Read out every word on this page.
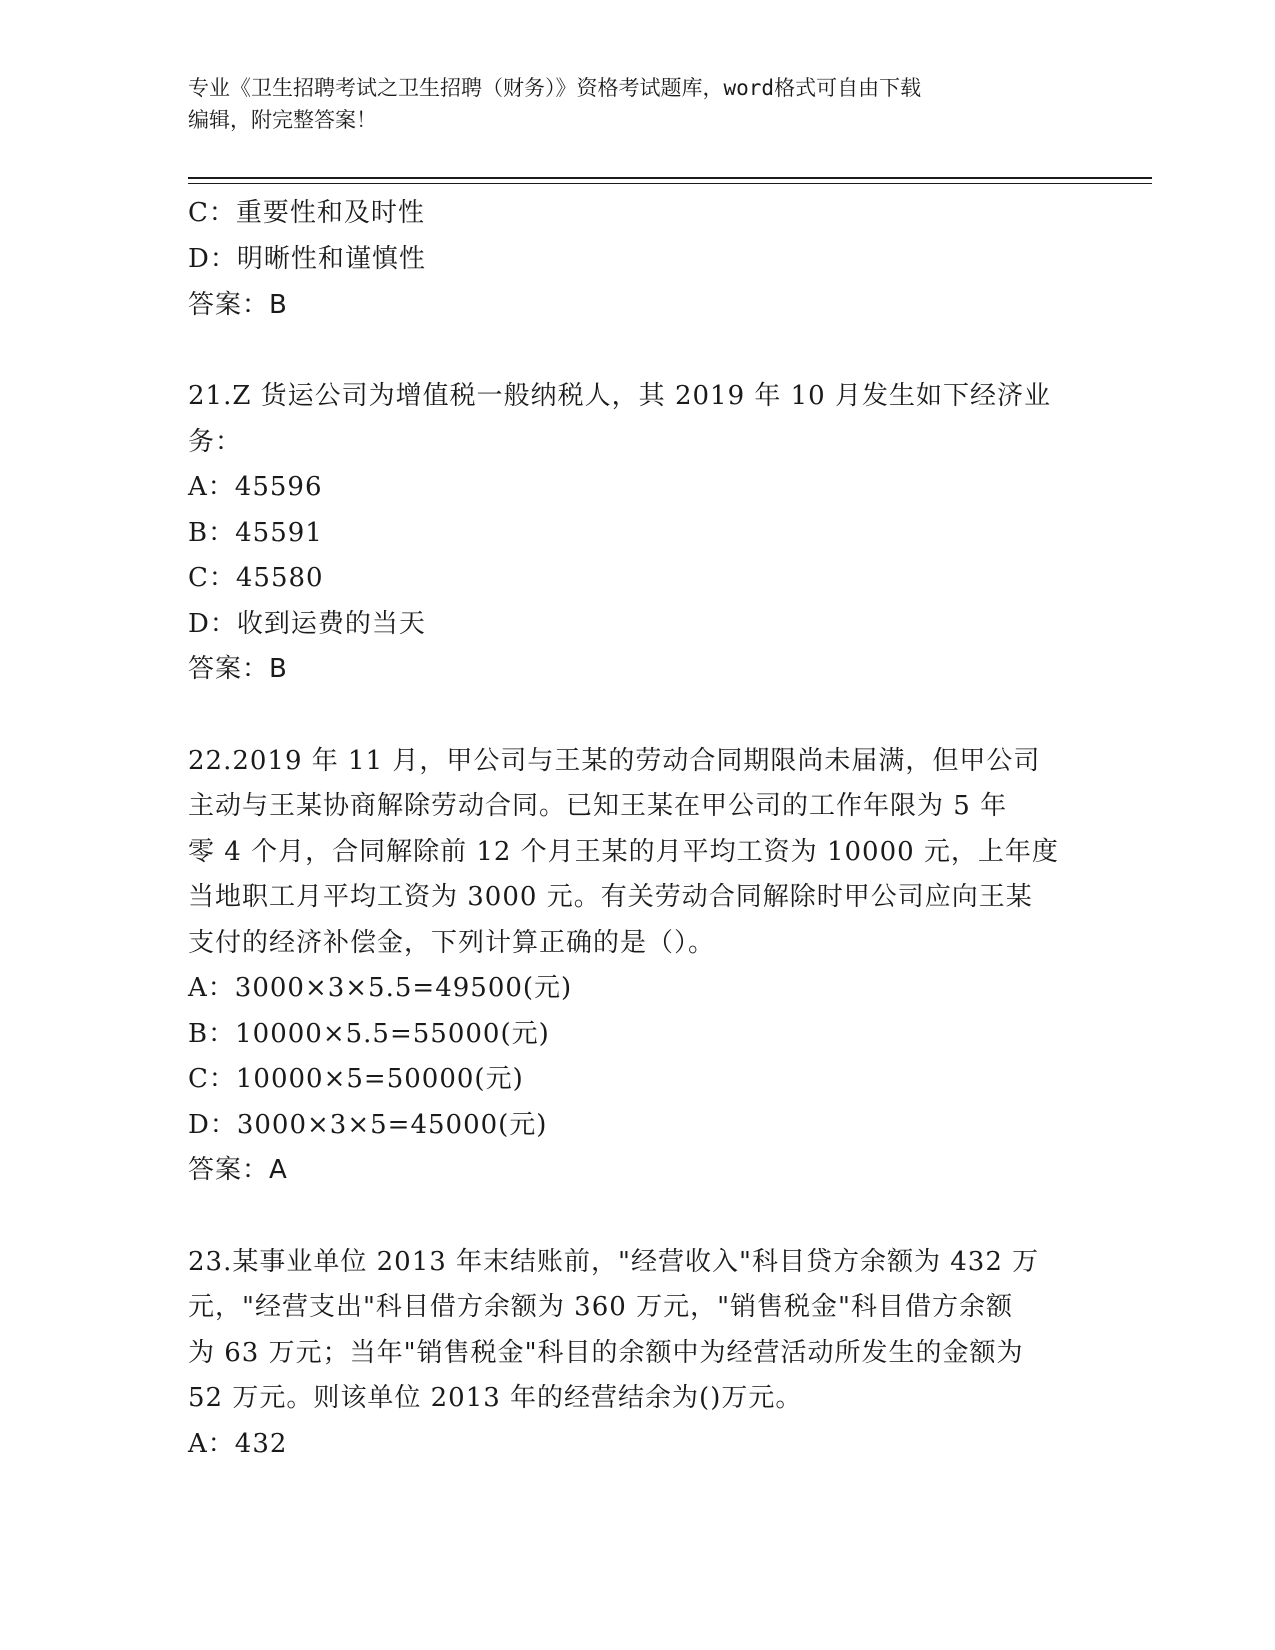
专业《卫生招聘考试之卫生招聘（财务）》资格考试题库，word格式可自由下载
编辑，附完整答案！
C：重要性和及时性
D：明晰性和谨慎性
答案：B
21.Z 货运公司为增值税一般纳税人，其 2019 年 10 月发生如下经济业
务：
A：45596
B：45591
C：45580
D：收到运费的当天
答案：B
22.2019 年 11 月，甲公司与王某的劳动合同期限尚未届满，但甲公司
主动与王某协商解除劳动合同。已知王某在甲公司的工作年限为 5 年
零 4 个月，合同解除前 12 个月王某的月平均工资为 10000 元，上年度
当地职工月平均工资为 3000 元。有关劳动合同解除时甲公司应向王某
支付的经济补偿金，下列计算正确的是（）。
A：3000×3×5.5=49500(元)
B：10000×5.5=55000(元)
C：10000×5=50000(元)
D：3000×3×5=45000(元)
答案：A
23.某事业单位 2013 年末结账前，"经营收入"科目贷方余额为 432 万
元，"经营支出"科目借方余额为 360 万元，"销售税金"科目借方余额
为 63 万元；当年"销售税金"科目的余额中为经营活动所发生的金额为
52 万元。则该单位 2013 年的经营结余为()万元。
A：432
